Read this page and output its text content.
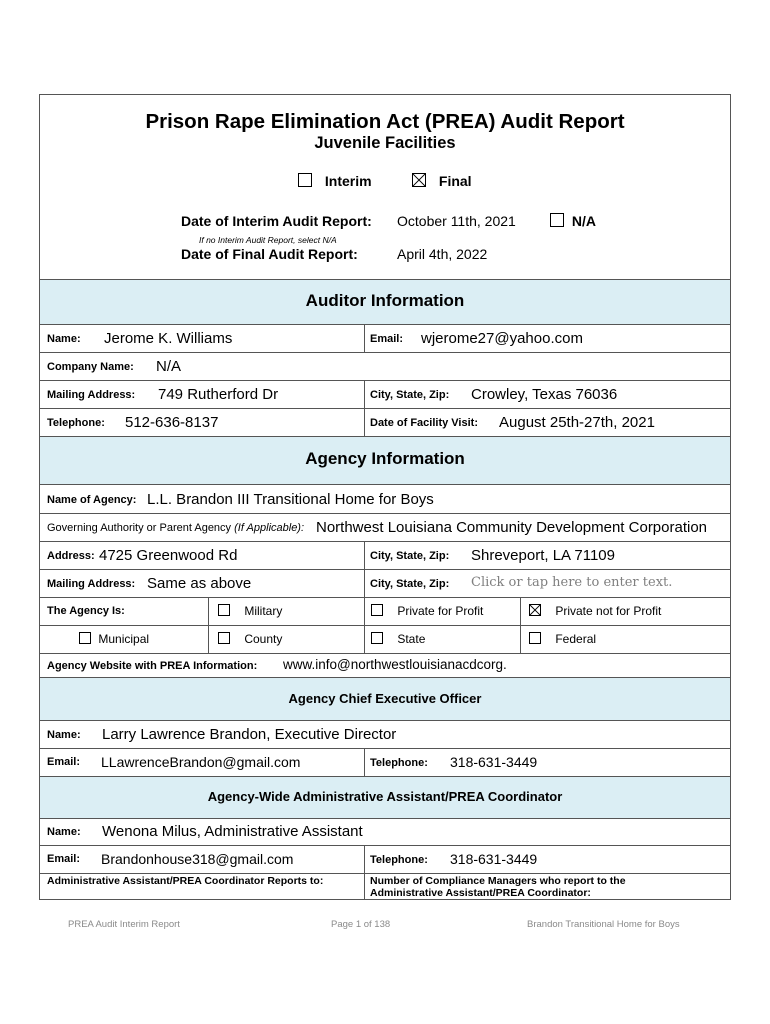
Prison Rape Elimination Act (PREA) Audit Report
Juvenile Facilities
Interim	Final
Date of Interim Audit Report: October 11th, 2021	N/A
If no Interim Audit Report, select N/A
Date of Final Audit Report:	April 4th, 2022
Auditor Information
Name: Jerome K. Williams	Email: wjerome27@yahoo.com
Company Name: N/A
Mailing Address: 749 Rutherford Dr	City, State, Zip: Crowley, Texas 76036
Telephone: 512-636-8137	Date of Facility Visit: August 25th-27th, 2021
Agency Information
Name of Agency: L.L. Brandon III Transitional Home for Boys
Governing Authority or Parent Agency (If Applicable): Northwest Louisiana Community Development Corporation
Address: 4725 Greenwood Rd	City, State, Zip: Shreveport, LA 71109
Mailing Address: Same as above	City, State, Zip: Click or tap here to enter text.
The Agency Is:	Military	Private for Profit	Private not for Profit
Municipal	County	State	Federal
Agency Website with PREA Information: www.info@northwestlouisianacdcorg.
Agency Chief Executive Officer
Name: Larry Lawrence Brandon, Executive Director
Email: LLawrenceBrandon@gmail.com	Telephone: 318-631-3449
Agency-Wide Administrative Assistant/PREA Coordinator
Name: Wenona Milus, Administrative Assistant
Email: Brandonhouse318@gmail.com	Telephone: 318-631-3449
Administrative Assistant/PREA Coordinator Reports to:	Number of Compliance Managers who report to the Administrative Assistant/PREA Coordinator:
PREA Audit Interim Report	Page 1 of 138	Brandon Transitional Home for Boys
